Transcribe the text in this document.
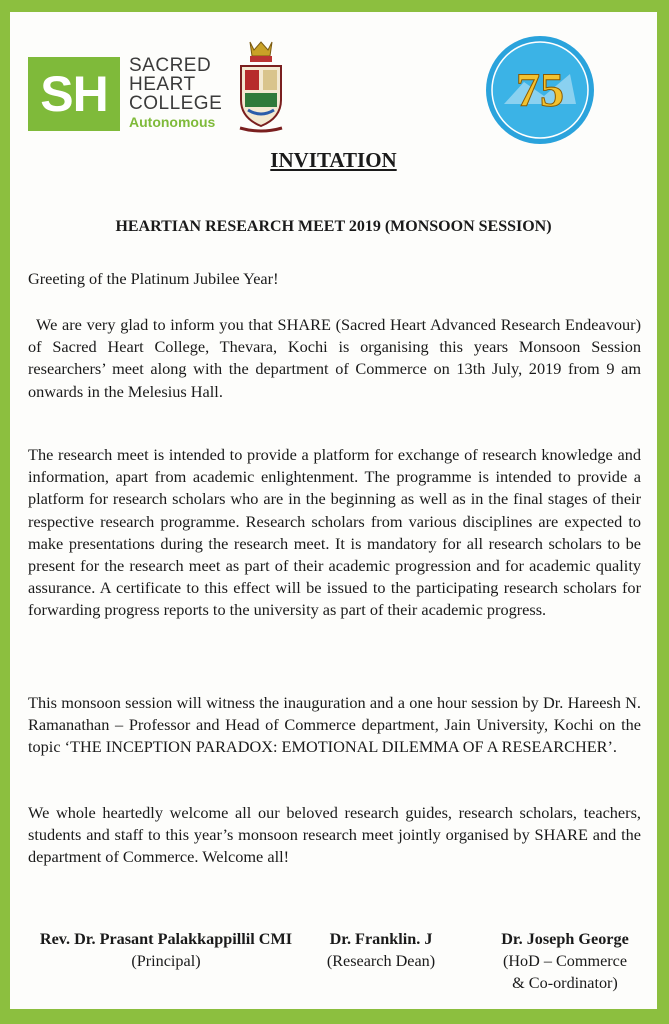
SH	SACRED
HEART
COLLEGE
Autonomous
75
INVITATION
HEARTIAN RESEARCH MEET 2019 (MONSOON SESSION)

Greeting of the Platinum Jubilee Year!

We are very glad to inform you that SHARE (Sacred Heart Advanced Research Endeavour) of Sacred Heart College, Thevara, Kochi is organising this years Monsoon Session researchers’ meet along with the department of Commerce on 13th July, 2019 from 9 am onwards in the Melesius Hall.

The research meet is intended to provide a platform for exchange of research knowledge and information, apart from academic enlightenment. The programme is intended to provide a platform for research scholars who are in the beginning as well as in the final stages of their respective research programme. Research scholars from various disciplines are expected to make presentations during the research meet. It is mandatory for all research scholars to be present for the research meet as part of their academic progression and for academic quality assurance. A certificate to this effect will be issued to the participating research scholars for forwarding progress reports to the university as part of their academic progress.

This monsoon session will witness the inauguration and a one hour session by Dr. Hareesh N. Ramanathan – Professor and Head of Commerce department, Jain University, Kochi on the topic ‘THE INCEPTION PARADOX: EMOTIONAL DILEMMA OF A RESEARCHER’.

We whole heartedly welcome all our beloved research guides, research scholars, teachers, students and staff to this year’s monsoon research meet jointly organised by SHARE and the department of Commerce. Welcome all!

Rev. Dr. Prasant Palakkappillil CMI
(Principal)
Dr. Franklin. J
(Research Dean)
Dr. Joseph George
(HoD – Commerce
& Co-ordinator)
